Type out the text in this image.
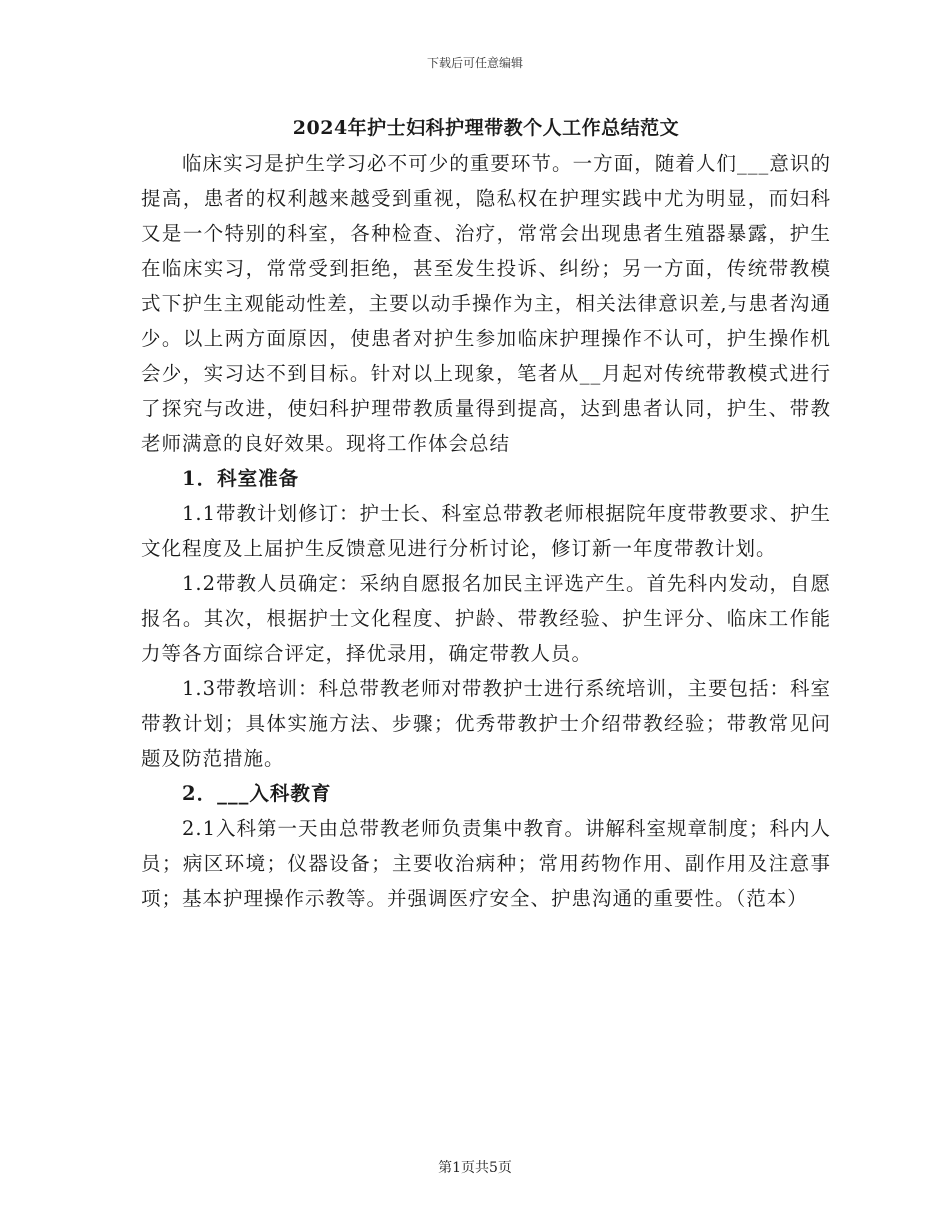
下载后可任意编辑
2024年护士妇科护理带教个人工作总结范文

临床实习是护生学习必不可少的重要环节。一方面，随着人们___意识的提高，患者的权利越来越受到重视，隐私权在护理实践中尤为明显，而妇科又是一个特别的科室，各种检查、治疗，常常会出现患者生殖器暴露，护生在临床实习，常常受到拒绝，甚至发生投诉、纠纷；另一方面，传统带教模式下护生主观能动性差，主要以动手操作为主，相关法律意识差,与患者沟通少。以上两方面原因，使患者对护生参加临床护理操作不认可，护生操作机会少，实习达不到目标。针对以上现象，笔者从__月起对传统带教模式进行了探究与改进，使妇科护理带教质量得到提高，达到患者认同，护生、带教老师满意的良好效果。现将工作体会总结

1．科室准备

1.1带教计划修订：护士长、科室总带教老师根据院年度带教要求、护生文化程度及上届护生反馈意见进行分析讨论，修订新一年度带教计划。

1.2带教人员确定：采纳自愿报名加民主评选产生。首先科内发动，自愿报名。其次，根据护士文化程度、护龄、带教经验、护生评分、临床工作能力等各方面综合评定，择优录用，确定带教人员。

1.3带教培训：科总带教老师对带教护士进行系统培训，主要包括：科室带教计划；具体实施方法、步骤；优秀带教护士介绍带教经验；带教常见问题及防范措施。

2．___入科教育

2.1入科第一天由总带教老师负责集中教育。讲解科室规章制度；科内人员；病区环境；仪器设备；主要收治病种；常用药物作用、副作用及注意事项；基本护理操作示教等。并强调医疗安全、护患沟通的重要性。（范本）

第1页共5页
